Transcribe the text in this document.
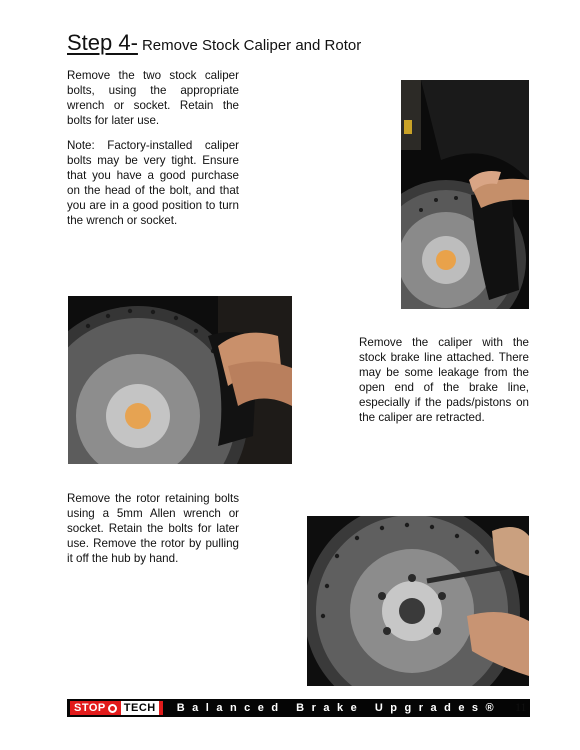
Step 4- Remove Stock Caliper and Rotor

Remove the two stock caliper bolts, using the appropriate wrench or socket. Retain the bolts for later use.

Note: Factory-installed caliper bolts may be very tight. Ensure that you have a good purchase on the head of the bolt, and that you are in a good position to turn the wrench or socket.

Remove the caliper with the stock brake line attached. There may be some leakage from the open end of the brake line, especially if the pads/pistons on the caliper are retracted.

Remove the rotor retaining bolts using a 5mm Allen wrench or socket. Retain the bolts for later use. Remove the rotor by pulling it off the hub by hand.

STOP TECH Balanced Brake Upgrades® 11
